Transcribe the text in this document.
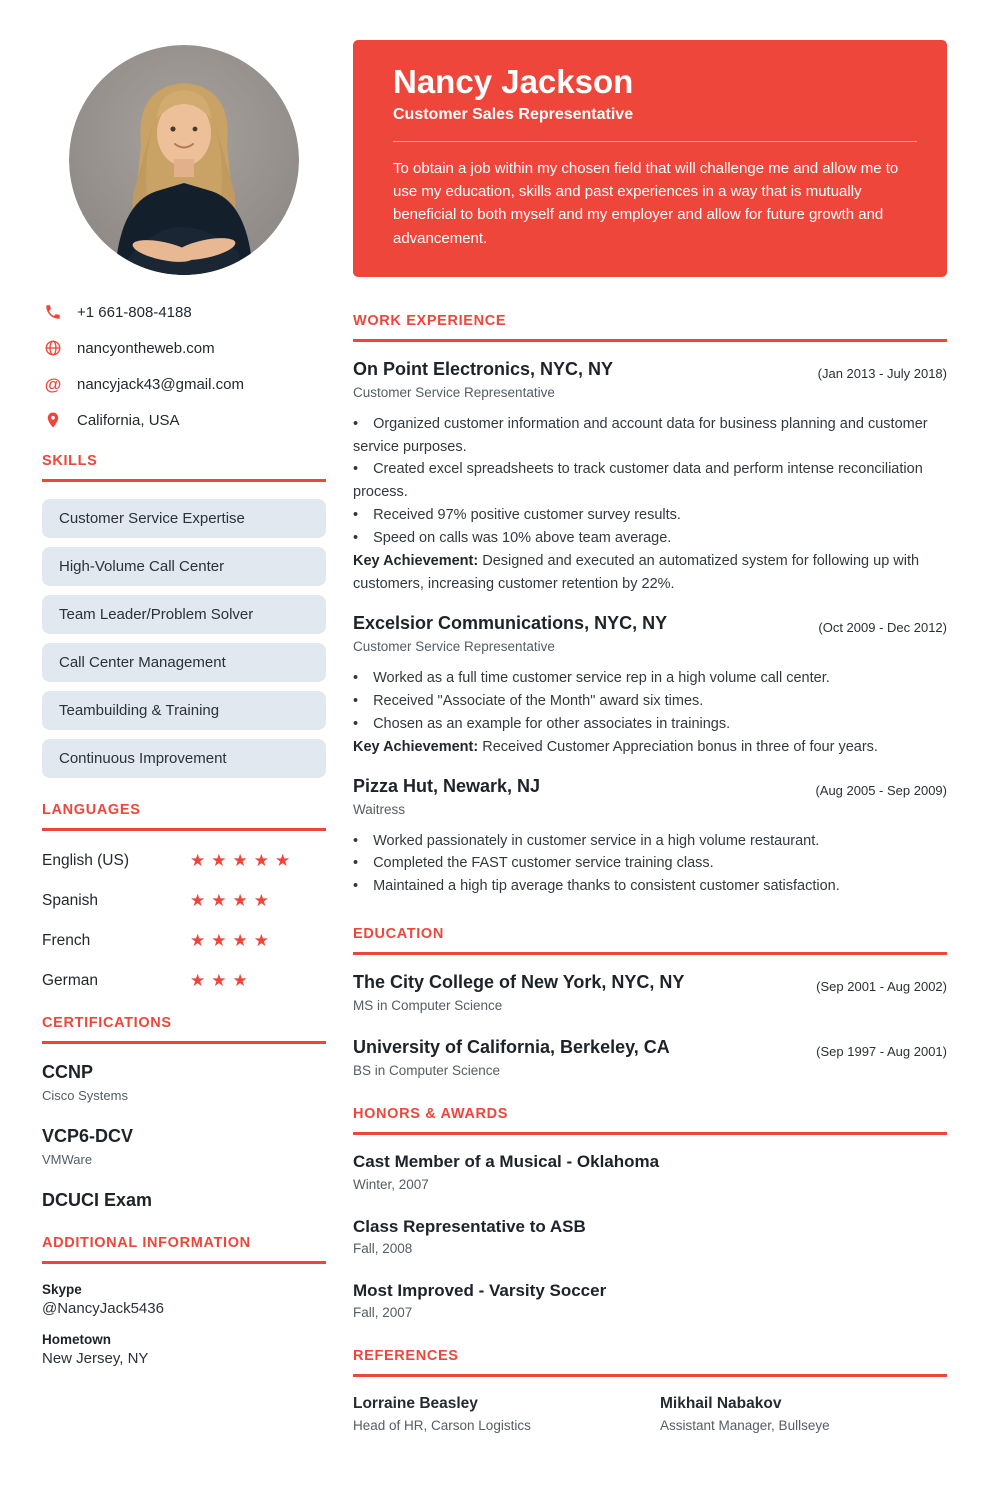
+1 661-808-4188
nancyontheweb.com
@ nancyjack43@gmail.com
California, USA
SKILLS
Customer Service Expertise
High-Volume Call Center
Team Leader/Problem Solver
Call Center Management
Teambuilding & Training
Continuous Improvement
LANGUAGES
English (US)	★★★★★
Spanish	★★★★
French	★★★★
German	★★★
CERTIFICATIONS
CCNP
Cisco Systems
VCP6-DCV
VMWare
DCUCI Exam
ADDITIONAL INFORMATION
Skype
@NancyJack5436
Hometown
New Jersey, NY
Nancy Jackson
Customer Sales Representative
To obtain a job within my chosen field that will challenge me and allow me to use my education, skills and past experiences in a way that is mutually beneficial to both myself and my employer and allow for future growth and advancement.
WORK EXPERIENCE
On Point Electronics, NYC, NY	(Jan 2013 - July 2018)
Customer Service Representative
• Organized customer information and account data for business planning and customer service purposes.
• Created excel spreadsheets to track customer data and perform intense reconciliation process.
• Received 97% positive customer survey results.
• Speed on calls was 10% above team average.
Key Achievement: Designed and executed an automatized system for following up with customers, increasing customer retention by 22%.
Excelsior Communications, NYC, NY	(Oct 2009 - Dec 2012)
Customer Service Representative
• Worked as a full time customer service rep in a high volume call center.
• Received "Associate of the Month" award six times.
• Chosen as an example for other associates in trainings.
Key Achievement: Received Customer Appreciation bonus in three of four years.
Pizza Hut, Newark, NJ	(Aug 2005 - Sep 2009)
Waitress
• Worked passionately in customer service in a high volume restaurant.
• Completed the FAST customer service training class.
• Maintained a high tip average thanks to consistent customer satisfaction.
EDUCATION
The City College of New York, NYC, NY	(Sep 2001 - Aug 2002)
MS in Computer Science
University of California, Berkeley, CA	(Sep 1997 - Aug 2001)
BS in Computer Science
HONORS & AWARDS
Cast Member of a Musical - Oklahoma
Winter, 2007
Class Representative to ASB
Fall, 2008
Most Improved - Varsity Soccer
Fall, 2007
REFERENCES
Lorraine Beasley
Head of HR, Carson Logistics
Mikhail Nabakov
Assistant Manager, Bullseye
